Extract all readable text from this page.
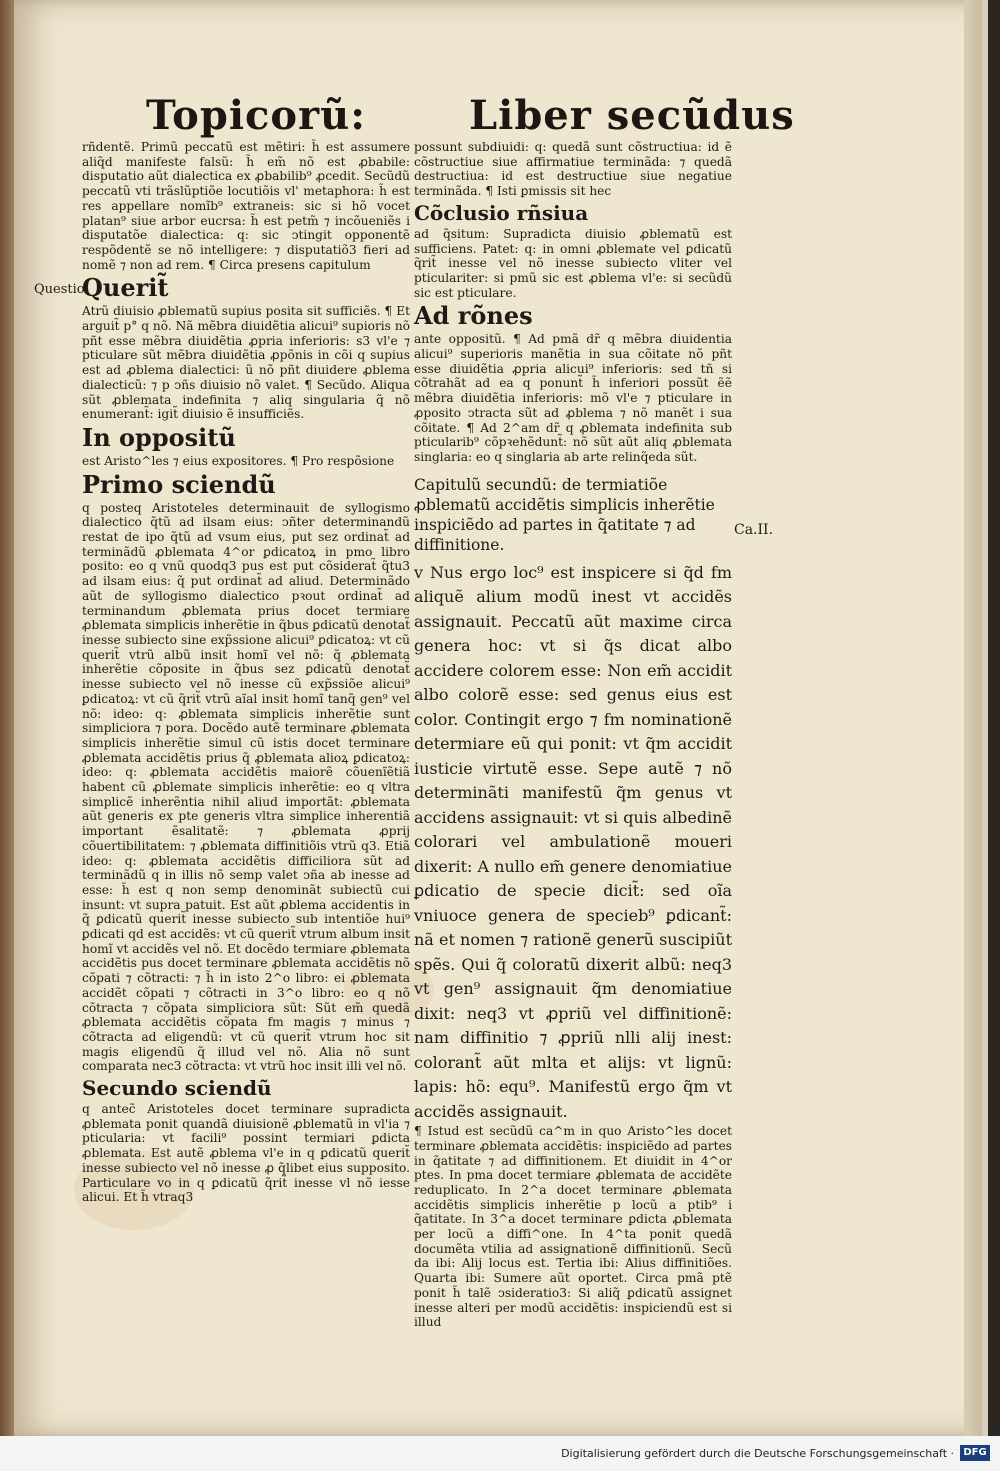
Topicorũ:	Liber secũdus
Questio.
Ca.II.

rñdentẽ. Primũ peccatũ est mẽtiri: h̃ est assumere aliq̃d manifeste falsũ: h̃ em̃ nõ est ꝓbabile: disputatio aũt dialectica ex ꝓbabilib⁹ ꝓcedit. Secũdũ peccatũ vti trãslũptiõe locutiõis vl' metaphora: h̃ est res appellare nomĩb⁹ extraneis: sic si hõ vocet platan⁹ siue arbor eucrsa: h̃ est petm̃ ⁊ incõueniẽs i disputatõe dialectica: q: sic ↄtingit opponentẽ respõdentẽ se nõ intelligere: ⁊ disputatiõ3 fieri ad nomẽ ⁊ non ad rem. ¶ Circa presens capitulum

Querit̃

Atrũ diuisio ꝓblematũ supius posita sit sufficiẽs. ¶ Et arguit̃ p° q nõ. Nã mẽbra diuidẽtia alicui⁹ supioris nõ pñt esse mẽbra diuidẽtia ꝓpria inferioris: s3 vl'e ⁊ pticulare sũt mẽbra diuidẽtia ꝓpõnis in cõi q supius est ad ꝓblema dialectici: ũ nõ pñt diuidere ꝓblema dialecticũ: ⁊ p ↄñs diuisio nõ valet. ¶ Secũdo. Aliqua sũt ꝓblemata indefinita ⁊ aliq singularia q̃ nõ enumerant̃: igit̃ diuisio ẽ insufficiẽs.

In oppositũ

est Aristo^les ⁊ eius expositores. ¶ Pro respõsione

Primo sciendũ

q posteq Aristoteles determinauit de syllogismo dialectico q̃tũ ad ilsam eius: ↄñter determinandũ restat de ipo q̃tũ ad vsum eius, put sez ordinat̃ ad terminãdũ ꝓblemata 4^or ꝑdicatoꝝ in pmo libro posito: eo q vnũ quodq3 pus est put cõsiderat̃ q̃tu3 ad ilsam eius: q̃ put ordinat̃ ad aliud. Determinãdo aũt de syllogismo dialectico pꝛout ordinat̃ ad terminandum ꝓblemata prius docet termiare ꝓblemata simplicis inherẽtie in q̃bus ꝑdicatũ denotat̃ inesse subiecto sine exp̃ssione alicui⁹ ꝑdicatoꝝ: vt cũ querit̃ vtrũ albũ insit homĩ vel nõ: q̃ ꝓblemata inherẽtie cõposite in q̃bus sez ꝑdicatũ denotat̃ inesse subiecto vel nõ inesse cũ exp̃ssiõe alicui⁹ ꝑdicatoꝝ: vt cũ q̃rit̃ vtrũ aĩal insit homĩ tanq̃ gen⁹ vel nõ: ideo: q: ꝓblemata simplicis inherẽtie sunt simpliciora ⁊ pora. Docẽdo autẽ terminare ꝓblemata simplicis inherẽtie simul cũ istis docet terminare ꝓblemata accidẽtis prius q̃ ꝓblemata alioꝝ ꝑdicatoꝝ: ideo: q: ꝓblemata accidẽtis maiorẽ cõuenĩẽtiã habent cũ ꝓblemate simplicis inherẽtie: eo q vltra simplicẽ inherẽntia nihil aliud importãt: ꝓblemata aũt generis ex pte generis vltra simplice inherentiã important ẽsalitatẽ: ⁊ ꝓblemata ꝓprij cõuertibilitatem: ⁊ ꝓblemata diffinitiõis vtrũ q3. Etiã ideo: q: ꝓblemata accidẽtis difficiliora sũt ad terminãdũ q in illis nõ semp valet ↄña ab inesse ad esse: h̃ est q non semp denominãt subiectũ cui insunt: vt supra patuit. Est aũt ꝓblema accidentis in q̃ ꝑdicatũ querit̃ inesse subiecto sub intentiõe hui⁹ ꝑdicati qd est accidẽs: vt cũ querit̃ vtrum album insit homĩ vt accidẽs vel nõ. Et docẽdo termiare ꝓblemata accidẽtis pus docet terminare ꝓblemata accidẽtis nõ cõpati ⁊ cõtracti: ⁊ h̃ in isto 2^o libro: ei ꝓblemata accidẽt cõpati ⁊ cõtracti in 3^o libro: eo q nõ cõtracta ⁊ cõpata simpliciora sũt: Sũt em̃ quedã ꝓblemata accidẽtis cõpata fm magis ⁊ minus ⁊ cõtracta ad eligendũ: vt cũ querit̃ vtrum hoc sit magis eligendũ q̃ illud vel nõ. Alia nõ sunt comparata nec3 cõtracta: vt vtrũ hoc insit illi vel nõ.

Secundo sciendũ

q antec̃ Aristoteles docet terminare supradicta ꝓblemata ponit quandã diuisionẽ ꝓblematũ in vl'ia ⁊ pticularia: vt facili⁹ possint termiari ꝑdicta ꝓblemata. Est autẽ ꝓblema vl'e in q ꝑdicatũ querit̃ inesse subiecto vel nõ inesse ꝓ q̃libet eius supposito. Particulare vo in q ꝑdicatũ q̃rit̃ inesse vl nõ iesse alicui. Et h̃ vtraq3

possunt subdiuidi: q: quedã sunt cõstructiua: id ẽ cõstructiue siue affirmatiue terminãda: ⁊ quedã destructiua: id est destructiue siue negatiue terminãda. ¶ Isti ꝑmissis sit hec

Cõclusio rñsiua

ad q̃situm: Supradicta diuisio ꝓblematũ est sufficiens. Patet: q: in omni ꝓblemate vel ꝑdicatũ q̃rit̃ inesse vel nõ inesse subiecto vliter vel pticulariter: si pmũ sic est ꝓblema vl'e: si secũdũ sic est pticulare.

Ad rõnes

ante oppositũ. ¶ Ad pmã dr̃ q mẽbra diuidentia alicui⁹ superioris manẽtia in sua cõitate nõ pñt esse diuidẽtia ꝓpria alicui⁹ inferioris: sed tñ si cõtrahãt ad ea q ponunt̃ h̃ inferiori possũt ẽẽ mẽbra diuidẽtia inferioris: mõ vl'e ⁊ pticulare in ꝓposito ↄtracta sũt ad ꝓblema ⁊ nõ manẽt i sua cõitate. ¶ Ad 2^am dr̃ q ꝓblemata indefinita sub pticularib⁹ cõpꝛehẽdunt̃: nõ sũt aũt aliq ꝓblemata singlaria: eo q singlaria ab arte relinq̃eda sũt.

Capitulũ secundũ: de termiatiõe ꝓblematũ accidẽtis simplicis inherẽtie inspiciẽdo ad partes in q̃atitate ⁊ ad diffinitione.

v Nus ergo loc⁹ est inspicere si q̃d fm aliquẽ alium modũ inest vt accidẽs assignauit. Peccatũ aũt maxime circa genera hoc: vt si q̃s dicat albo accidere colorem esse: Non em̃ accidit albo colorẽ esse: sed genus eius est color. Contingit ergo ⁊ fm nominationẽ determiare eũ qui ponit: vt q̃m accidit iusticie virtutẽ esse. Sepe autẽ ⁊ nõ determinãti manifestũ q̃m genus vt accidens assignauit: vt si quis albedinẽ colorari vel ambulationẽ moueri dixerit: A nullo em̃ genere denomiatiue ꝑdicatio de specie dicit̃: sed oĩa vniuoce genera de specieb⁹ ꝑdicant̃: nã et nomen ⁊ rationẽ generũ suscipiũt spẽs. Qui q̃ coloratũ dixerit albũ: neq3 vt gen⁹ assignauit q̃m denomiatiue dixit: neq3 vt ꝓpriũ vel diffinitionẽ: nam diffinitio ⁊ ꝓpriũ nlli alij inest: colorant̃ aũt mlta et alijs: vt lignũ: lapis: hõ: equ⁹. Manifestũ ergo q̃m vt accidẽs assignauit.

¶ Istud est secũdũ ca^m in quo Aristo^les docet terminare ꝓblemata accidẽtis: inspiciẽdo ad partes in q̃atitate ⁊ ad diffinitionem. Et diuidit in 4^or ptes. In pma docet termiare ꝓblemata de accidẽte reduplicato. In 2^a docet terminare ꝓblemata accidẽtis simplicis inherẽtie p locũ a ptib⁹ i q̃atitate. In 3^a docet terminare ꝑdicta ꝓblemata per locũ a diffi^one. In 4^ta ponit quedã documẽta vtilia ad assignationẽ diffinitionũ. Secũ da ibi: Alij locus est. Tertia ibi: Alius diffinitiões. Quarta ibi: Sumere aũt oportet. Circa pmã ptẽ ponit h̃ talẽ ↄsideratio3: Si aliq̃ ꝑdicatũ assignet inesse alteri per modũ accidẽtis: inspiciendũ est si illud

Digitalisierung gefördert durch die Deutsche Forschungsgemeinschaft · DFG
